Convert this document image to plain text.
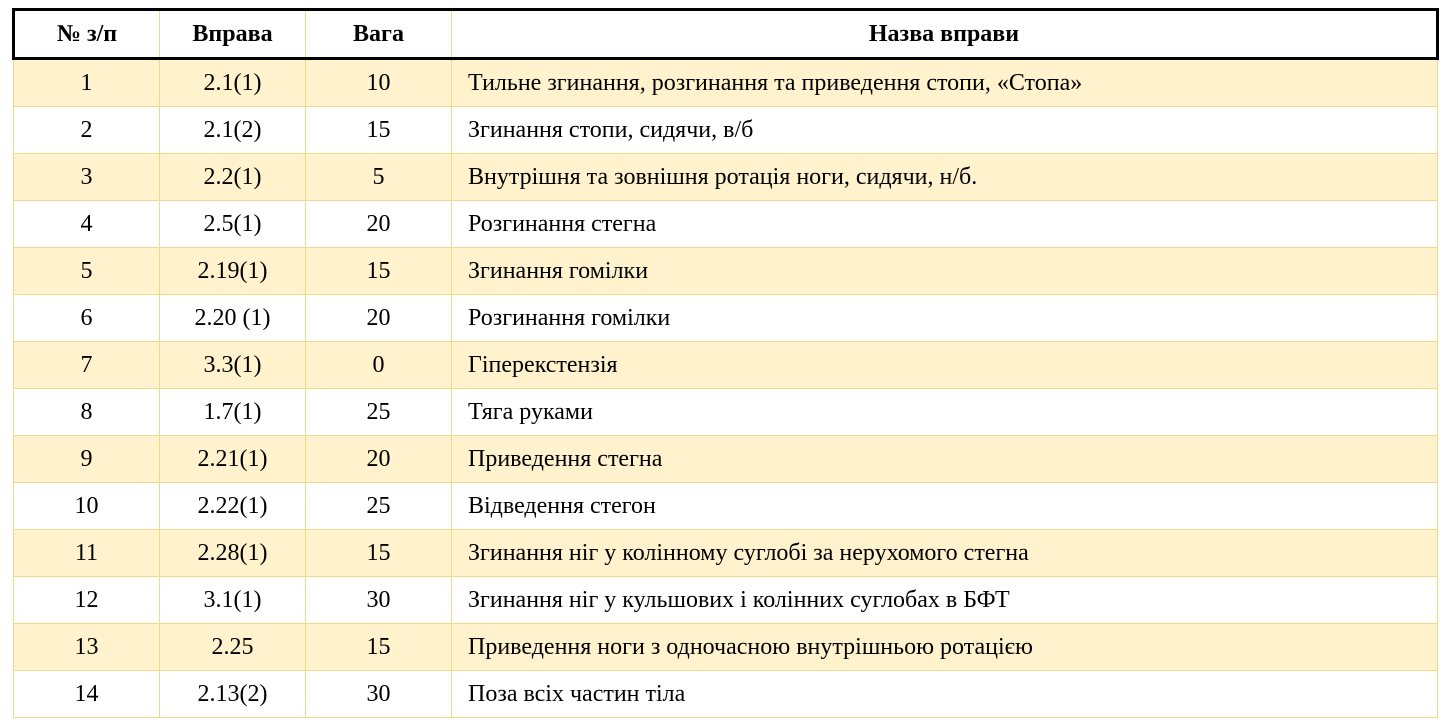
№ з/п	Вправа	Вага	Назва вправи
1	2.1(1)	10	Тильне згинання, розгинання та приведення стопи, «Стопа»
2	2.1(2)	15	Згинання стопи, сидячи, в/б
3	2.2(1)	5	Внутрішня та зовнішня ротація ноги, сидячи, н/б.
4	2.5(1)	20	Розгинання стегна
5	2.19(1)	15	Згинання гомілки
6	2.20 (1)	20	Розгинання гомілки
7	3.3(1)	0	Гіперекстензія
8	1.7(1)	25	Тяга руками
9	2.21(1)	20	Приведення стегна
10	2.22(1)	25	Відведення стегон
11	2.28(1)	15	Згинання ніг у колінному суглобі за нерухомого стегна
12	3.1(1)	30	Згинання ніг у кульшових і колінних суглобах в БФТ
13	2.25	15	Приведення ноги з одночасною внутрішньою ротацією
14	2.13(2)	30	Поза всіх частин тіла
